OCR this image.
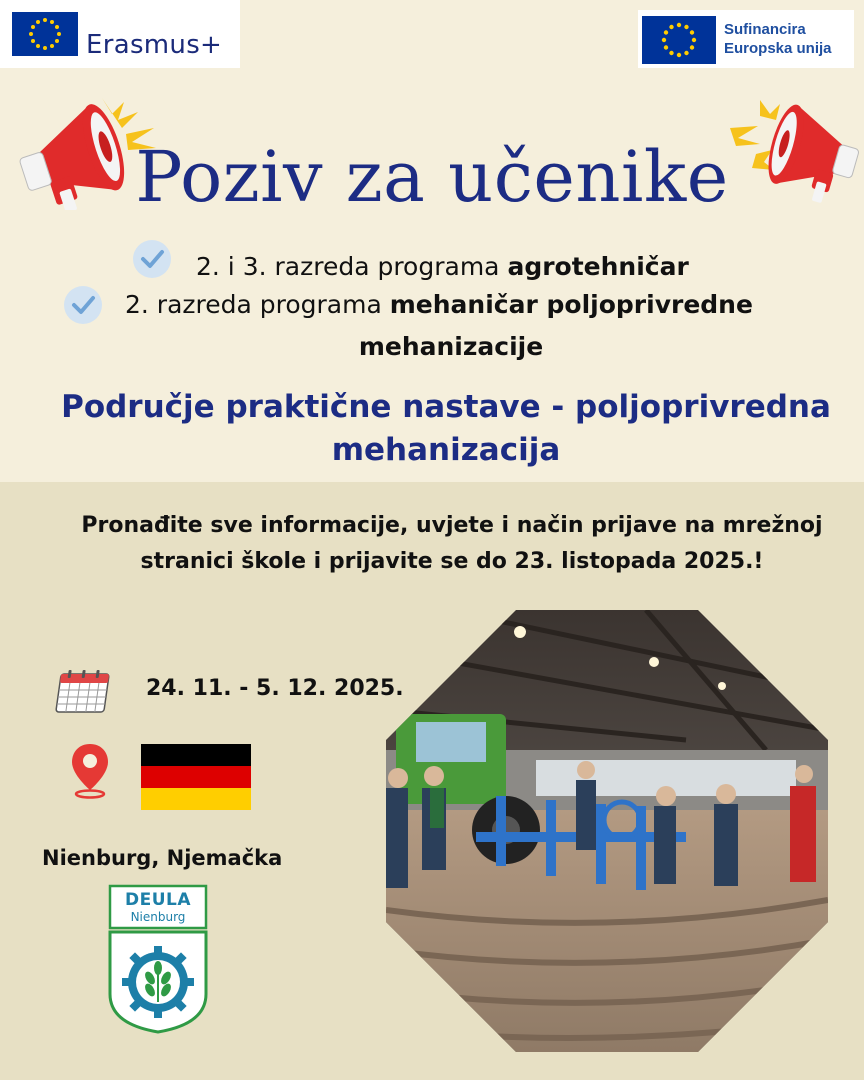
Erasmus+
Sufinancira
Europska unija
Poziv za učenike
2. i 3. razreda programa agrotehničar
2. razreda programa mehaničar poljoprivredne
mehanizacije
Područje praktične nastave - poljoprivredna
mehanizacija
Pronađite sve informacije, uvjete i način prijave na mrežnoj
stranici škole i prijavite se do 23. listopada 2025.!
24. 11. - 5. 12. 2025.
Nienburg, Njemačka
DEULA
Nienburg
